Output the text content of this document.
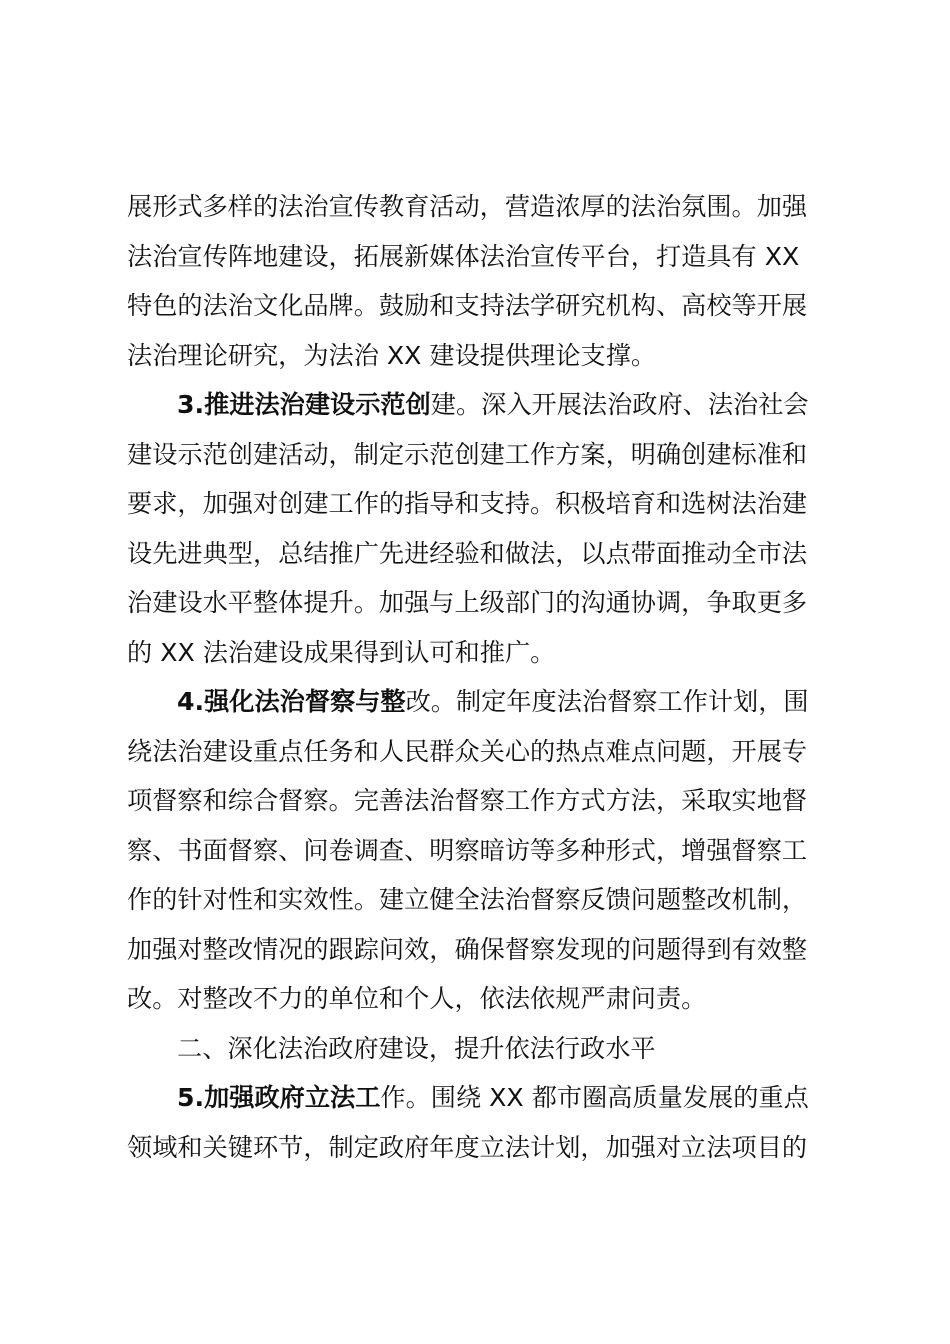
展形式多样的法治宣传教育活动，营造浓厚的法治氛围。加强
法治宣传阵地建设，拓展新媒体法治宣传平台，打造具有 XX
特色的法治文化品牌。鼓励和支持法学研究机构、高校等开展
法治理论研究，为法治 XX 建设提供理论支撑。
3.推进法治建设示范创建。深入开展法治政府、法治社会
建设示范创建活动，制定示范创建工作方案，明确创建标准和
要求，加强对创建工作的指导和支持。积极培育和选树法治建
设先进典型，总结推广先进经验和做法，以点带面推动全市法
治建设水平整体提升。加强与上级部门的沟通协调，争取更多
的 XX 法治建设成果得到认可和推广。
4.强化法治督察与整改。制定年度法治督察工作计划，围
绕法治建设重点任务和人民群众关心的热点难点问题，开展专
项督察和综合督察。完善法治督察工作方式方法，采取实地督
察、书面督察、问卷调查、明察暗访等多种形式，增强督察工
作的针对性和实效性。建立健全法治督察反馈问题整改机制，
加强对整改情况的跟踪问效，确保督察发现的问题得到有效整
改。对整改不力的单位和个人，依法依规严肃问责。
二、深化法治政府建设，提升依法行政水平
5.加强政府立法工作。围绕 XX 都市圈高质量发展的重点
领域和关键环节，制定政府年度立法计划，加强对立法项目的
